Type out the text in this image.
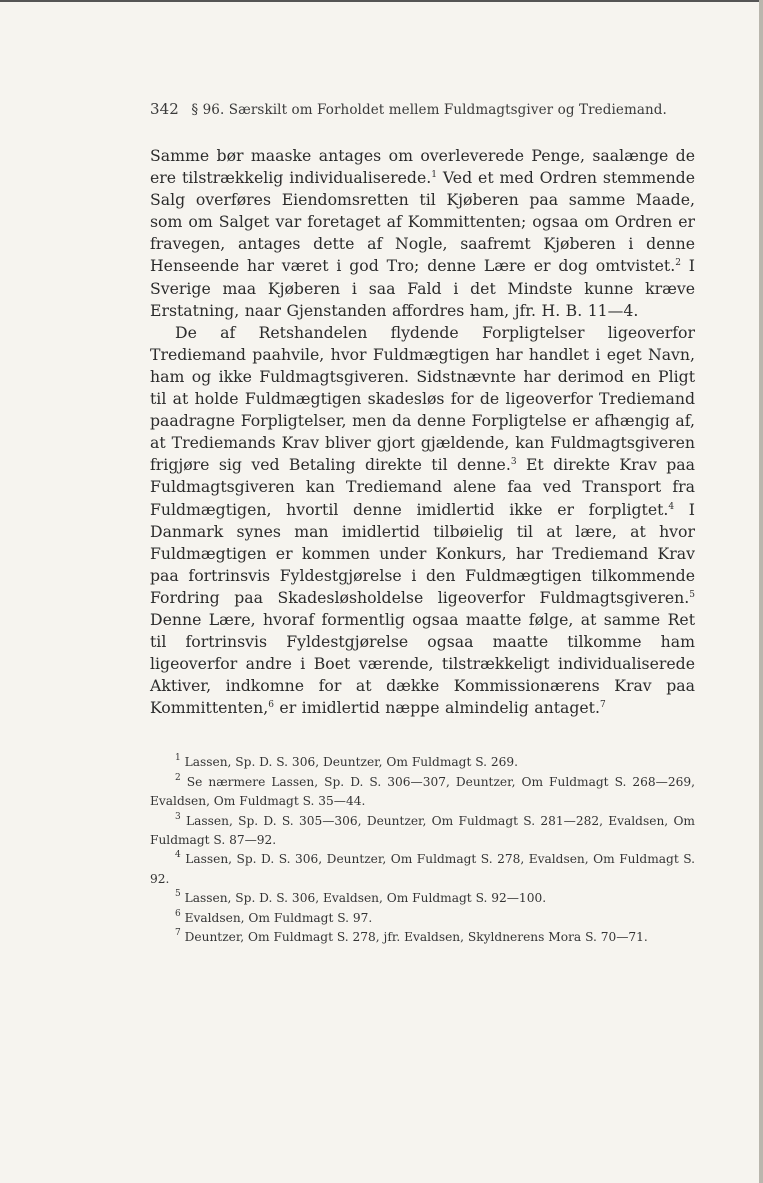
342 § 96. Særskilt om Forholdet mellem Fuldmagtsgiver og Trediemand.

Samme bør maaske antages om overleverede Penge, saalænge de ere tilstrækkelig individualiserede.$^1$ Ved et med Ordren stemmende Salg overføres Eiendomsretten til Kjøberen paa samme Maade, som om Salget var foretaget af Kommittenten; ogsaa om Ordren er fravegen, antages dette af Nogle, saafremt Kjøberen i denne Henseende har været i god Tro; denne Lære er dog omtvistet.$^2$ I Sverige maa Kjøberen i saa Fald i det Mindste kunne kræve Erstatning, naar Gjenstanden affordres ham, jfr. H. B. 11—4.

De af Retshandelen flydende Forpligtelser ligeoverfor Trediemand paahvile, hvor Fuldmægtigen har handlet i eget Navn, ham og ikke Fuldmagtsgiveren. Sidstnævnte har derimod en Pligt til at holde Fuldmægtigen skadesløs for de ligeoverfor Trediemand paadragne Forpligtelser, men da denne Forpligtelse er afhængig af, at Trediemands Krav bliver gjort gjældende, kan Fuldmagtsgiveren frigjøre sig ved Betaling direkte til denne.$^3$ Et direkte Krav paa Fuldmagtsgiveren kan Trediemand alene faa ved Transport fra Fuldmægtigen, hvortil denne imidlertid ikke er forpligtet.$^4$ I Danmark synes man imidlertid tilbøielig til at lære, at hvor Fuldmægtigen er kommen under Konkurs, har Trediemand Krav paa fortrinsvis Fyldestgjørelse i den Fuldmægtigen tilkommende Fordring paa Skadesløsholdelse ligeoverfor Fuldmagtsgiveren.$^5$ Denne Lære, hvoraf formentlig ogsaa maatte følge, at samme Ret til fortrinsvis Fyldestgjørelse ogsaa maatte tilkomme ham ligeoverfor andre i Boet værende, tilstrækkeligt individualiserede Aktiver, indkomne for at dække Kommissionærens Krav paa Kommittenten,$^6$ er imidlertid næppe almindelig antaget.$^7$

$^1$ Lassen, Sp. D. S. 306, Deuntzer, Om Fuldmagt S. 269.

$^2$ Se nærmere Lassen, Sp. D. S. 306—307, Deuntzer, Om Fuldmagt S. 268—269, Evaldsen, Om Fuldmagt S. 35—44.

$^3$ Lassen, Sp. D. S. 305—306, Deuntzer, Om Fuldmagt S. 281—282, Evaldsen, Om Fuldmagt S. 87—92.

$^4$ Lassen, Sp. D. S. 306, Deuntzer, Om Fuldmagt S. 278, Evaldsen, Om Fuldmagt S. 92.

$^5$ Lassen, Sp. D. S. 306, Evaldsen, Om Fuldmagt S. 92—100.

$^6$ Evaldsen, Om Fuldmagt S. 97.

$^7$ Deuntzer, Om Fuldmagt S. 278, jfr. Evaldsen, Skyldnerens Mora S. 70—71.
